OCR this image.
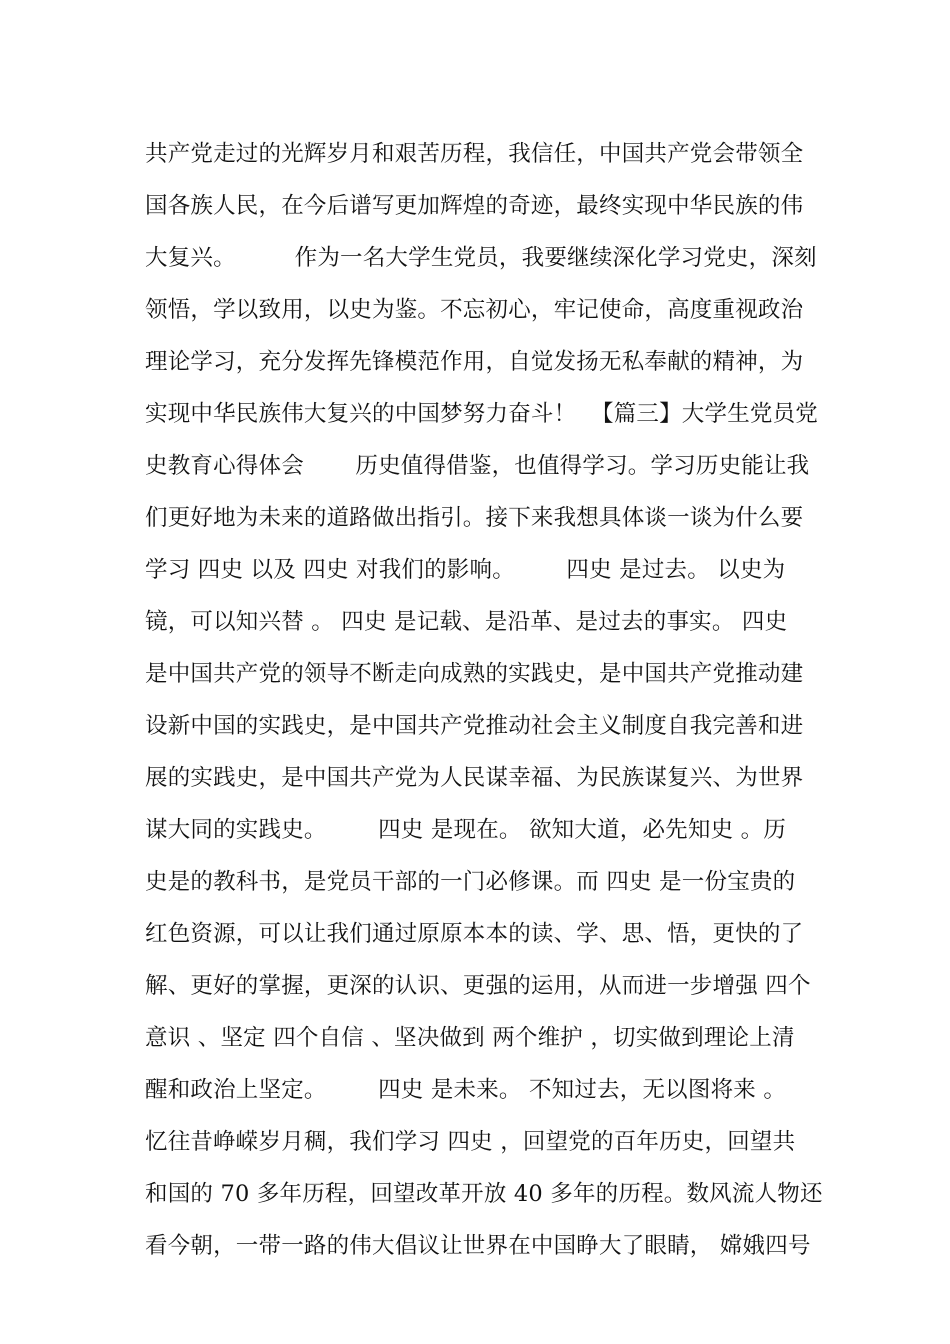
共产党走过的光辉岁月和艰苦历程，我信任，中国共产党会带领全
国各族人民，在今后谱写更加辉煌的奇迹，最终实现中华民族的伟
大复兴。        作为一名大学生党员，我要继续深化学习党史，深刻
领悟，学以致用，以史为鉴。不忘初心，牢记使命，高度重视政治
理论学习，充分发挥先锋模范作用，自觉发扬无私奉献的精神，为
实现中华民族伟大复兴的中国梦努力奋斗！  【篇三】大学生党员党
史教育心得体会       历史值得借鉴，也值得学习。学习历史能让我
们更好地为未来的道路做出指引。接下来我想具体谈一谈为什么要
学习 四史 以及 四史 对我们的影响。       四史 是过去。 以史为
镜，可以知兴替 。 四史 是记载、是沿革、是过去的事实。 四史
是中国共产党的领导不断走向成熟的实践史，是中国共产党推动建
设新中国的实践史，是中国共产党推动社会主义制度自我完善和进
展的实践史，是中国共产党为人民谋幸福、为民族谋复兴、为世界
谋大同的实践史。       四史 是现在。 欲知大道，必先知史 。历
史是的教科书，是党员干部的一门必修课。而 四史 是一份宝贵的
红色资源，可以让我们通过原原本本的读、学、思、悟，更快的了
解、更好的掌握，更深的认识、更强的运用，从而进一步增强 四个
意识 、坚定 四个自信 、坚决做到 两个维护 ，切实做到理论上清
醒和政治上坚定。       四史 是未来。 不知过去，无以图将来 。
忆往昔峥嵘岁月稠，我们学习 四史 ，回望党的百年历史，回望共
和国的 70 多年历程，回望改革开放 40 多年的历程。数风流人物还
看今朝，一带一路的伟大倡议让世界在中国睁大了眼睛， 嫦娥四号
